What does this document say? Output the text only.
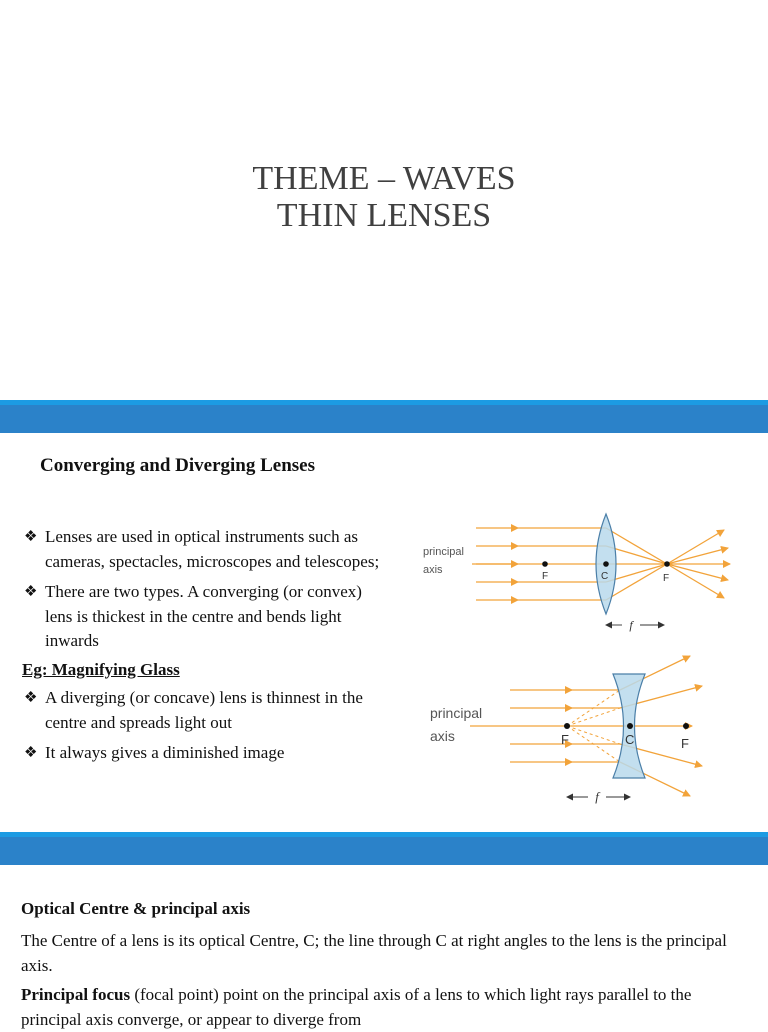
THEME – WAVES
THIN LENSES
Converging and Diverging Lenses
❖ Lenses are used in optical instruments such as cameras, spectacles, microscopes and telescopes;
❖ There are two types. A converging (or convex) lens is thickest in the centre and bends light inwards
Eg: Magnifying Glass
❖ A diverging (or concave) lens is thinnest in the centre and spreads light out
❖ It always gives a diminished image
principal
axis
F	C	F
f
principal
axis	F	C	F
f
Optical Centre & principal axis
The Centre of a lens is its optical Centre, C; the line through C at right angles to the lens is the principal axis.
Principal focus (focal point) point on the principal axis of a lens to which light rays parallel to the principal axis converge, or appear to diverge from
